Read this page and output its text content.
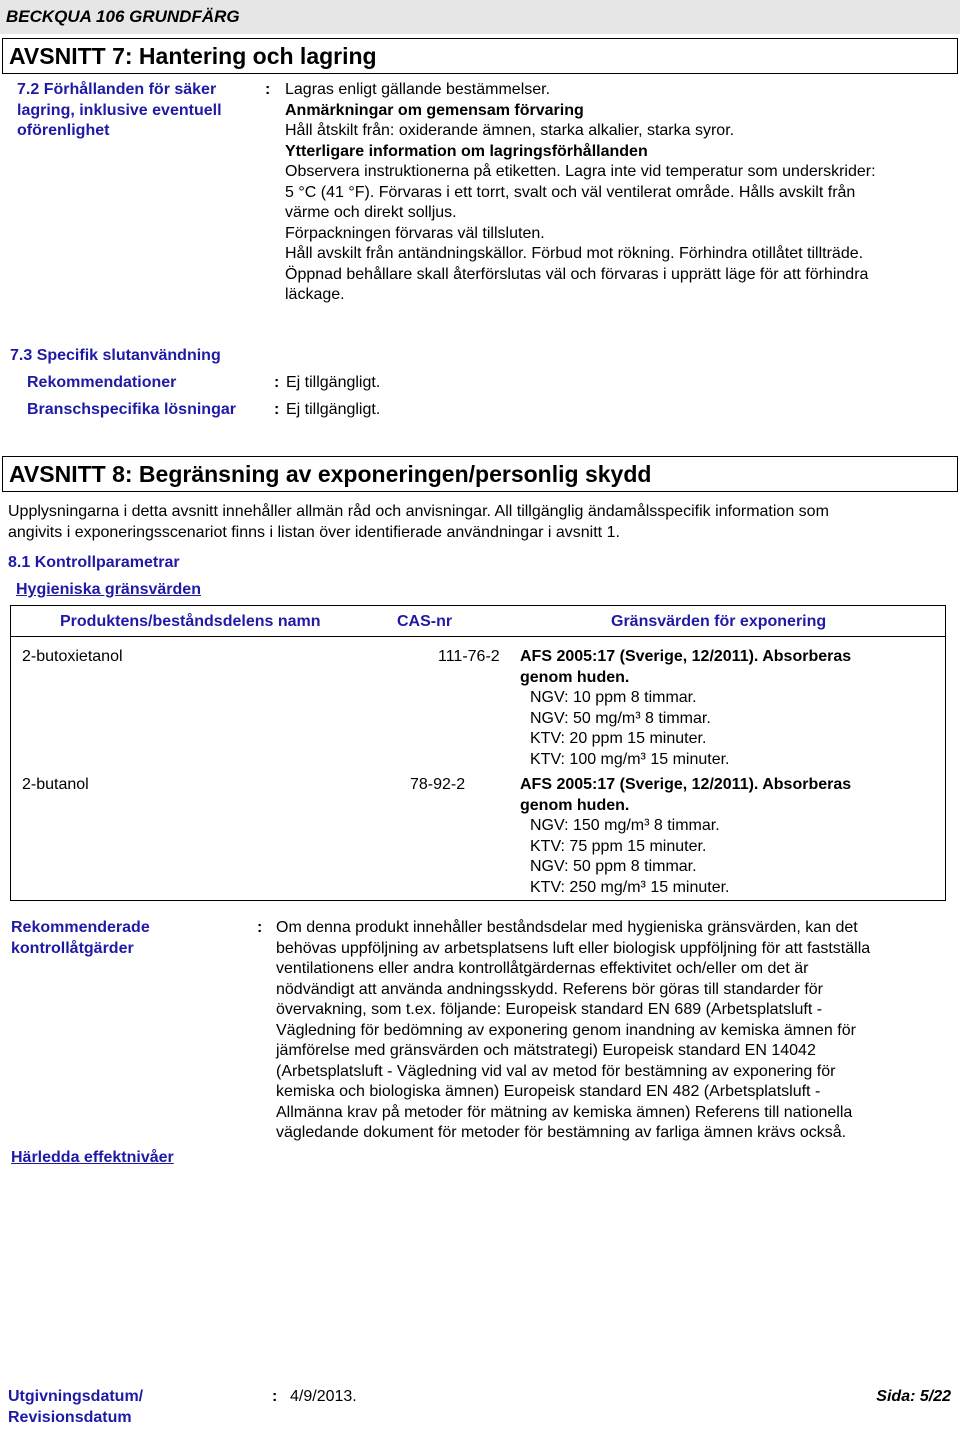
BECKQUA 106 GRUNDFÄRG
AVSNITT 7: Hantering och lagring
7.2 Förhållanden för säker
lagring, inklusive eventuell
oförenlighet
: Lagras enligt gällande bestämmelser.
Anmärkningar om gemensam förvaring
Håll åtskilt från: oxiderande ämnen, starka alkalier, starka syror.
Ytterligare information om lagringsförhållanden
Observera instruktionerna på etiketten. Lagra inte vid temperatur som underskrider:
5 °C (41 °F). Förvaras i ett torrt, svalt och väl ventilerat område. Hålls avskilt från
värme och direkt solljus.
Förpackningen förvaras väl tillsluten.
Håll avskilt från antändningskällor. Förbud mot rökning. Förhindra otillåtet tillträde.
Öppnad behållare skall återförslutas väl och förvaras i upprätt läge för att förhindra
läckage.
7.3 Specifik slutanvändning
Rekommendationer	: Ej tillgängligt.
Branschspecifika lösningar : Ej tillgängligt.
AVSNITT 8: Begränsning av exponeringen/personlig skydd
Upplysningarna i detta avsnitt innehåller allmän råd och anvisningar. All tillgänglig ändamålsspecifik information som
angivits i exponeringsscenariot finns i listan över identifierade användningar i avsnitt 1.
8.1 Kontrollparametrar
Hygieniska gränsvärden
Produktens/beståndsdelens namn	CAS-nr	Gränsvärden för exponering
2-butoxietanol	111-76-2 AFS 2005:17 (Sverige, 12/2011). Absorberas
genom huden.
NGV: 10 ppm 8 timmar.
NGV: 50 mg/m³ 8 timmar.
KTV: 20 ppm 15 minuter.
KTV: 100 mg/m³ 15 minuter.
2-butanol	78-92-2	AFS 2005:17 (Sverige, 12/2011). Absorberas
genom huden.
NGV: 150 mg/m³ 8 timmar.
KTV: 75 ppm 15 minuter.
NGV: 50 ppm 8 timmar.
KTV: 250 mg/m³ 15 minuter.
Rekommenderade
kontrollåtgärder
: Om denna produkt innehåller beståndsdelar med hygieniska gränsvärden, kan det
behövas uppföljning av arbetsplatsens luft eller biologisk uppföljning för att fastställa
ventilationens eller andra kontrollåtgärdernas effektivitet och/eller om det är
nödvändigt att använda andningsskydd. Referens bör göras till standarder för
övervakning, som t.ex. följande: Europeisk standard EN 689 (Arbetsplatsluft -
Vägledning för bedömning av exponering genom inandning av kemiska ämnen för
jämförelse med gränsvärden och mätstrategi) Europeisk standard EN 14042
(Arbetsplatsluft - Vägledning vid val av metod för bestämning av exponering för
kemiska och biologiska ämnen) Europeisk standard EN 482 (Arbetsplatsluft -
Allmänna krav på metoder för mätning av kemiska ämnen) Referens till nationella
vägledande dokument för metoder för bestämning av farliga ämnen krävs också.
Härledda effektnivåer
Utgivningsdatum/
Revisionsdatum
: 4/9/2013.	Sida: 5/22
